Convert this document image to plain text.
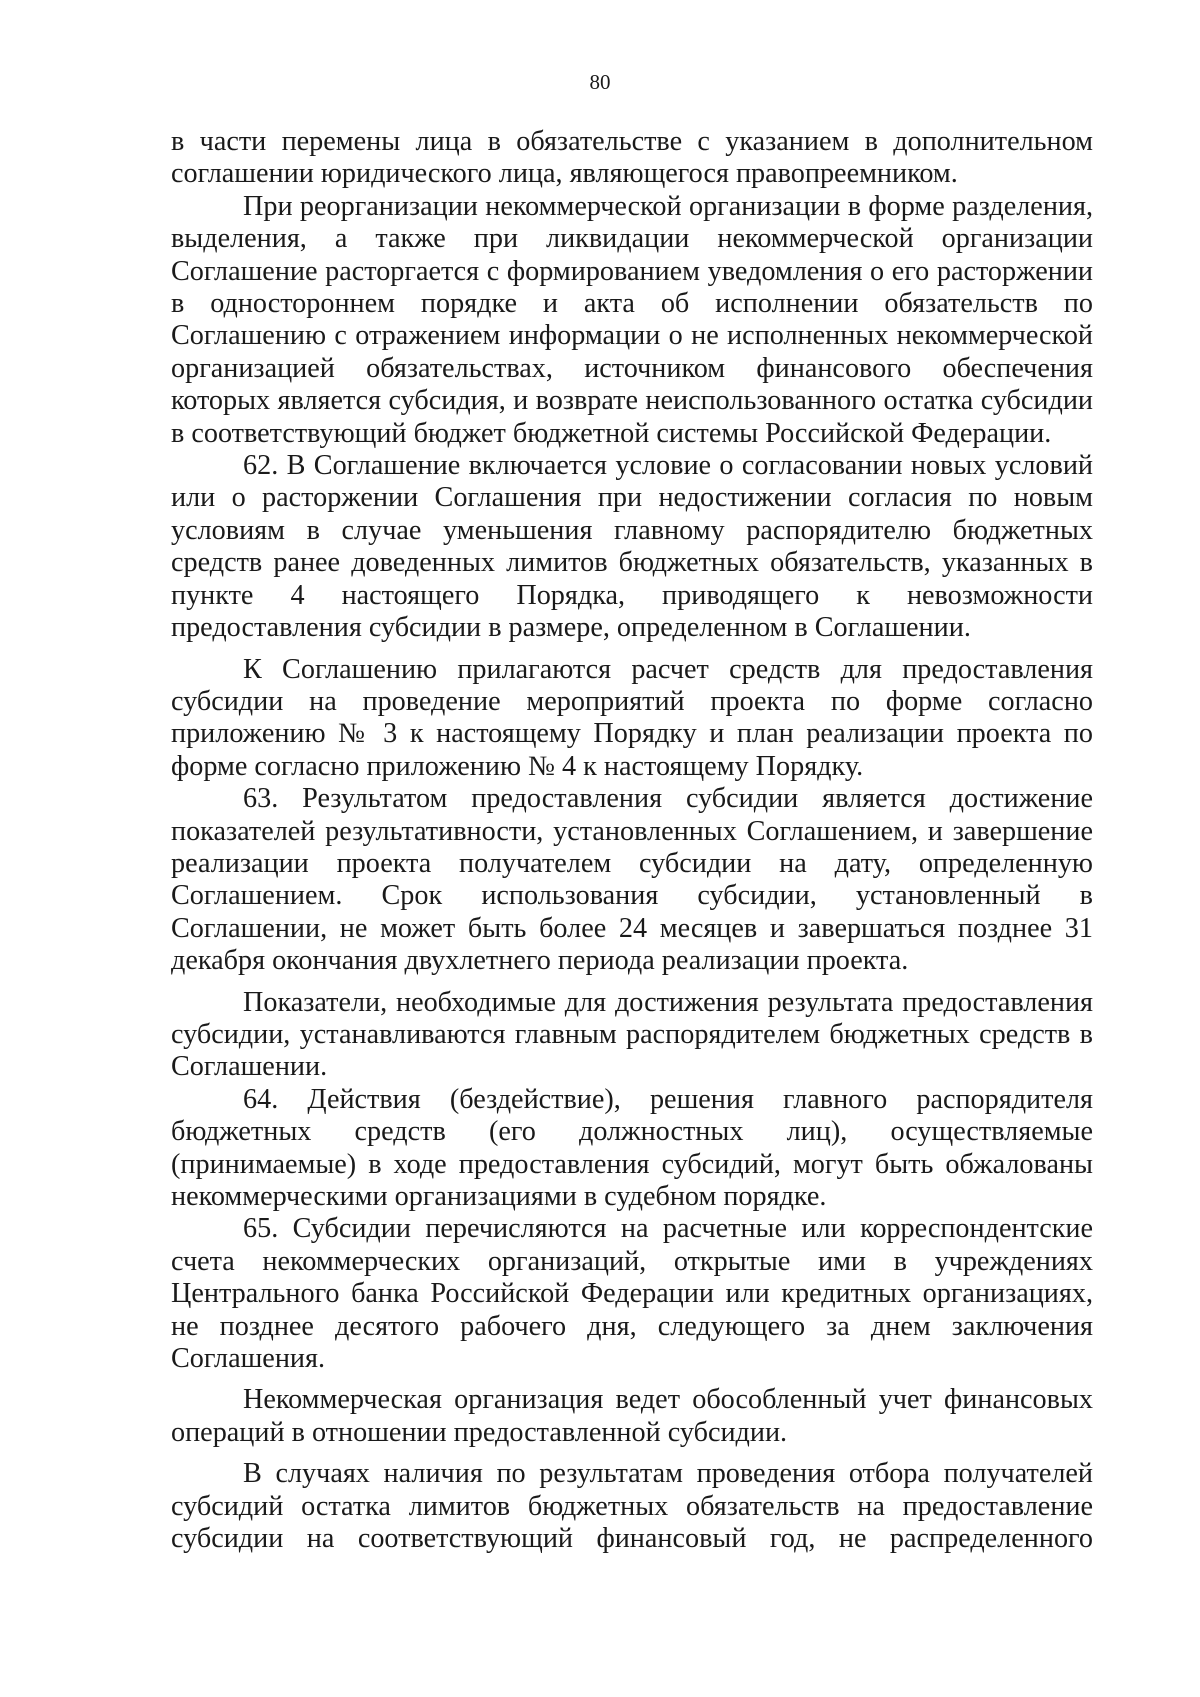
80

в части перемены лица в обязательстве с указанием в дополнительном соглашении юридического лица, являющегося правопреемником.

При реорганизации некоммерческой организации в форме разделения, выделения, а также при ликвидации некоммерческой организации Соглашение расторгается с формированием уведомления о его расторжении в одностороннем порядке и акта об исполнении обязательств по Соглашению с отражением информации о не исполненных некоммерческой организацией обязательствах, источником финансового обеспечения которых является субсидия, и возврате неиспользованного остатка субсидии в соответствующий бюджет бюджетной системы Российской Федерации.

62. В Соглашение включается условие о согласовании новых условий или о расторжении Соглашения при недостижении согласия по новым условиям в случае уменьшения главному распорядителю бюджетных средств ранее доведенных лимитов бюджетных обязательств, указанных в пункте 4 настоящего Порядка, приводящего к невозможности предоставления субсидии в размере, определенном в Соглашении.

К Соглашению прилагаются расчет средств для предоставления субсидии на проведение мероприятий проекта по форме согласно приложению № 3 к настоящему Порядку и план реализации проекта по форме согласно приложению № 4 к настоящему Порядку.

63. Результатом предоставления субсидии является достижение показателей результативности, установленных Соглашением, и завершение реализации проекта получателем субсидии на дату, определенную Соглашением. Срок использования субсидии, установленный в Соглашении, не может быть более 24 месяцев и завершаться позднее 31 декабря окончания двухлетнего периода реализации проекта.

Показатели, необходимые для достижения результата предоставления субсидии, устанавливаются главным распорядителем бюджетных средств в Соглашении.

64. Действия (бездействие), решения главного распорядителя бюджетных средств (его должностных лиц), осуществляемые (принимаемые) в ходе предоставления субсидий, могут быть обжалованы некоммерческими организациями в судебном порядке.

65. Субсидии перечисляются на расчетные или корреспондентские счета некоммерческих организаций, открытые ими в учреждениях Центрального банка Российской Федерации или кредитных организациях, не позднее десятого рабочего дня, следующего за днем заключения Соглашения.

Некоммерческая организация ведет обособленный учет финансовых операций в отношении предоставленной субсидии.

В случаях наличия по результатам проведения отбора получателей субсидий остатка лимитов бюджетных обязательств на предоставление субсидии на соответствующий финансовый год, не распределенного
